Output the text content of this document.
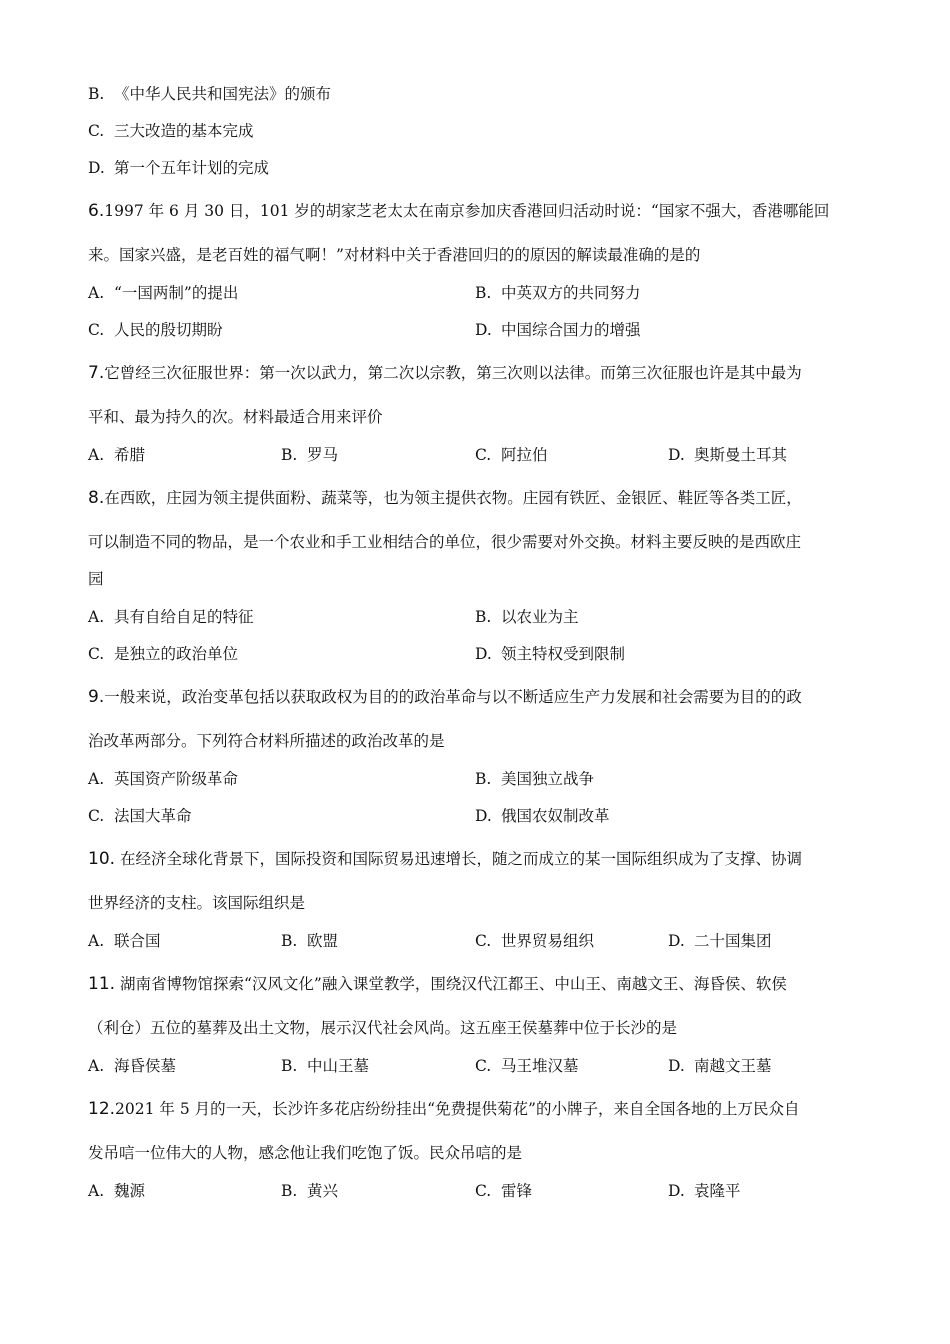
B. 《中华人民共和国宪法》的颁布
C. 三大改造的基本完成
D. 第一个五年计划的完成
6.1997 年 6 月 30 日，101 岁的胡家芝老太太在南京参加庆香港回归活动时说：“国家不强大，香港哪能回
来。国家兴盛，是老百姓的福气啊！”对材料中关于香港回归的的原因的解读最准确的是的
A. “一国两制”的提出	B. 中英双方的共同努力
C. 人民的殷切期盼	D. 中国综合国力的增强
7.它曾经三次征服世界：第一次以武力，第二次以宗教，第三次则以法律。而第三次征服也许是其中最为
平和、最为持久的次。材料最适合用来评价
A. 希腊	B. 罗马	C. 阿拉伯	D. 奥斯曼土耳其
8.在西欧，庄园为领主提供面粉、蔬菜等，也为领主提供衣物。庄园有铁匠、金银匠、鞋匠等各类工匠，
可以制造不同的物品，是一个农业和手工业相结合的单位，很少需要对外交换。材料主要反映的是西欧庄
园
A. 具有自给自足的特征	B. 以农业为主
C. 是独立的政治单位	D. 领主特权受到限制
9.一般来说，政治变革包括以获取政权为目的的政治革命与以不断适应生产力发展和社会需要为目的的政
治改革两部分。下列符合材料所描述的政治改革的是
A. 英国资产阶级革命	B. 美国独立战争
C. 法国大革命	D. 俄国农奴制改革
10. 在经济全球化背景下，国际投资和国际贸易迅速增长，随之而成立的某一国际组织成为了支撑、协调
世界经济的支柱。该国际组织是
A. 联合国	B. 欧盟	C. 世界贸易组织	D. 二十国集团
11. 湖南省博物馆探索“汉风文化”融入课堂教学，围绕汉代江都王、中山王、南越文王、海昏侯、软侯
（利仓）五位的墓葬及出土文物，展示汉代社会风尚。这五座王侯墓葬中位于长沙的是
A. 海昏侯墓	B. 中山王墓	C. 马王堆汉墓	D. 南越文王墓
12.2021 年 5 月的一天，长沙许多花店纷纷挂出“免费提供菊花”的小牌子，来自全国各地的上万民众自
发吊唁一位伟大的人物，感念他让我们吃饱了饭。民众吊唁的是
A. 魏源	B. 黄兴	C. 雷锋	D. 袁隆平
